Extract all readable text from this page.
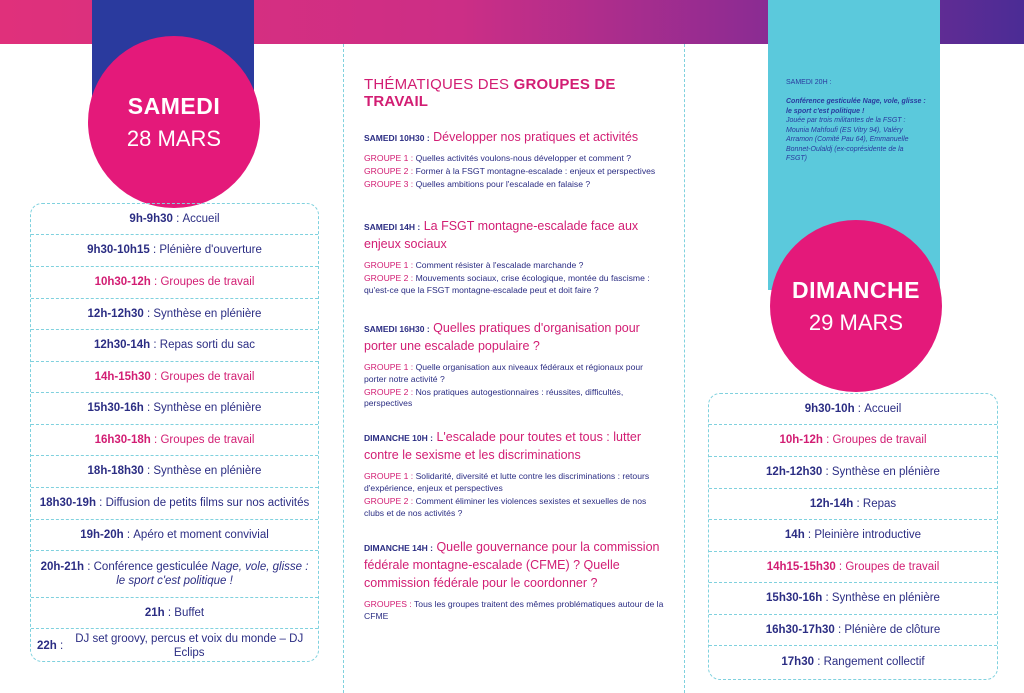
SAMEDI
28 MARS
9h-9h30 : Accueil
9h30-10h15 : Plénière d'ouverture
10h30-12h : Groupes de travail
12h-12h30 : Synthèse en plénière
12h30-14h : Repas sorti du sac
14h-15h30 : Groupes de travail
15h30-16h : Synthèse en plénière
16h30-18h : Groupes de travail
18h-18h30 : Synthèse en plénière
18h30-19h : Diffusion de petits films sur nos activités
19h-20h : Apéro et moment convivial
20h-21h : Conférence gesticulée Nage, vole, glisse :
le sport c'est politique !
21h : Buffet
22h :
DJ set groovy, percus et voix du monde – DJ Eclips
THÉMATIQUES DES GROUPES DE TRAVAIL
SAMEDI 10H30 : Développer nos pratiques et activités
GROUPE 1 : Quelles activités voulons-nous développer et comment ?
GROUPE 2 : Former à la FSGT montagne-escalade : enjeux et perspectives
GROUPE 3 : Quelles ambitions pour l'escalade en falaise ?
SAMEDI 14H : La FSGT montagne-escalade face aux enjeux sociaux
GROUPE 1 : Comment résister à l'escalade marchande ?
GROUPE 2 : Mouvements sociaux, crise écologique, montée du fascisme : qu'est-ce que la FSGT montagne-escalade peut et doit faire ?
SAMEDI 16H30 : Quelles pratiques d'organisation pour porter une escalade populaire ?
GROUPE 1 : Quelle organisation aux niveaux fédéraux et régionaux pour porter notre activité ?
GROUPE 2 : Nos pratiques autogestionnaires : réussites, difficultés, perspectives
DIMANCHE 10H : L'escalade pour toutes et tous : lutter contre le sexisme et les discriminations
GROUPE 1 : Solidarité, diversité et lutte contre les discriminations : retours d'expérience, enjeux et perspectives
GROUPE 2 : Comment éliminer les violences sexistes et sexuelles de nos clubs et de nos activités ?
DIMANCHE 14H : Quelle gouvernance pour la commission fédérale montagne-escalade (CFME) ? Quelle commission fédérale pour le coordonner ?
GROUPES : Tous les groupes traitent des mêmes problématiques autour de la CFME
SAMEDI 20H :
Conférence gesticulée Nage, vole, glisse : le sport c'est politique !
Jouée par trois militantes de la FSGT : Mounia Mahfoufi (ES Vitry 94), Valéry Arramon (Comité Pau 64), Emmanuelle Bonnet-Oulaldj (ex-coprésidente de la FSGT)
DIMANCHE
29 MARS
9h30-10h : Accueil
10h-12h : Groupes de travail
12h-12h30 : Synthèse en plénière
12h-14h : Repas
14h : Pleinière introductive
14h15-15h30 : Groupes de travail
15h30-16h : Synthèse en plénière
16h30-17h30 : Plénière de clôture
17h30 : Rangement collectif
